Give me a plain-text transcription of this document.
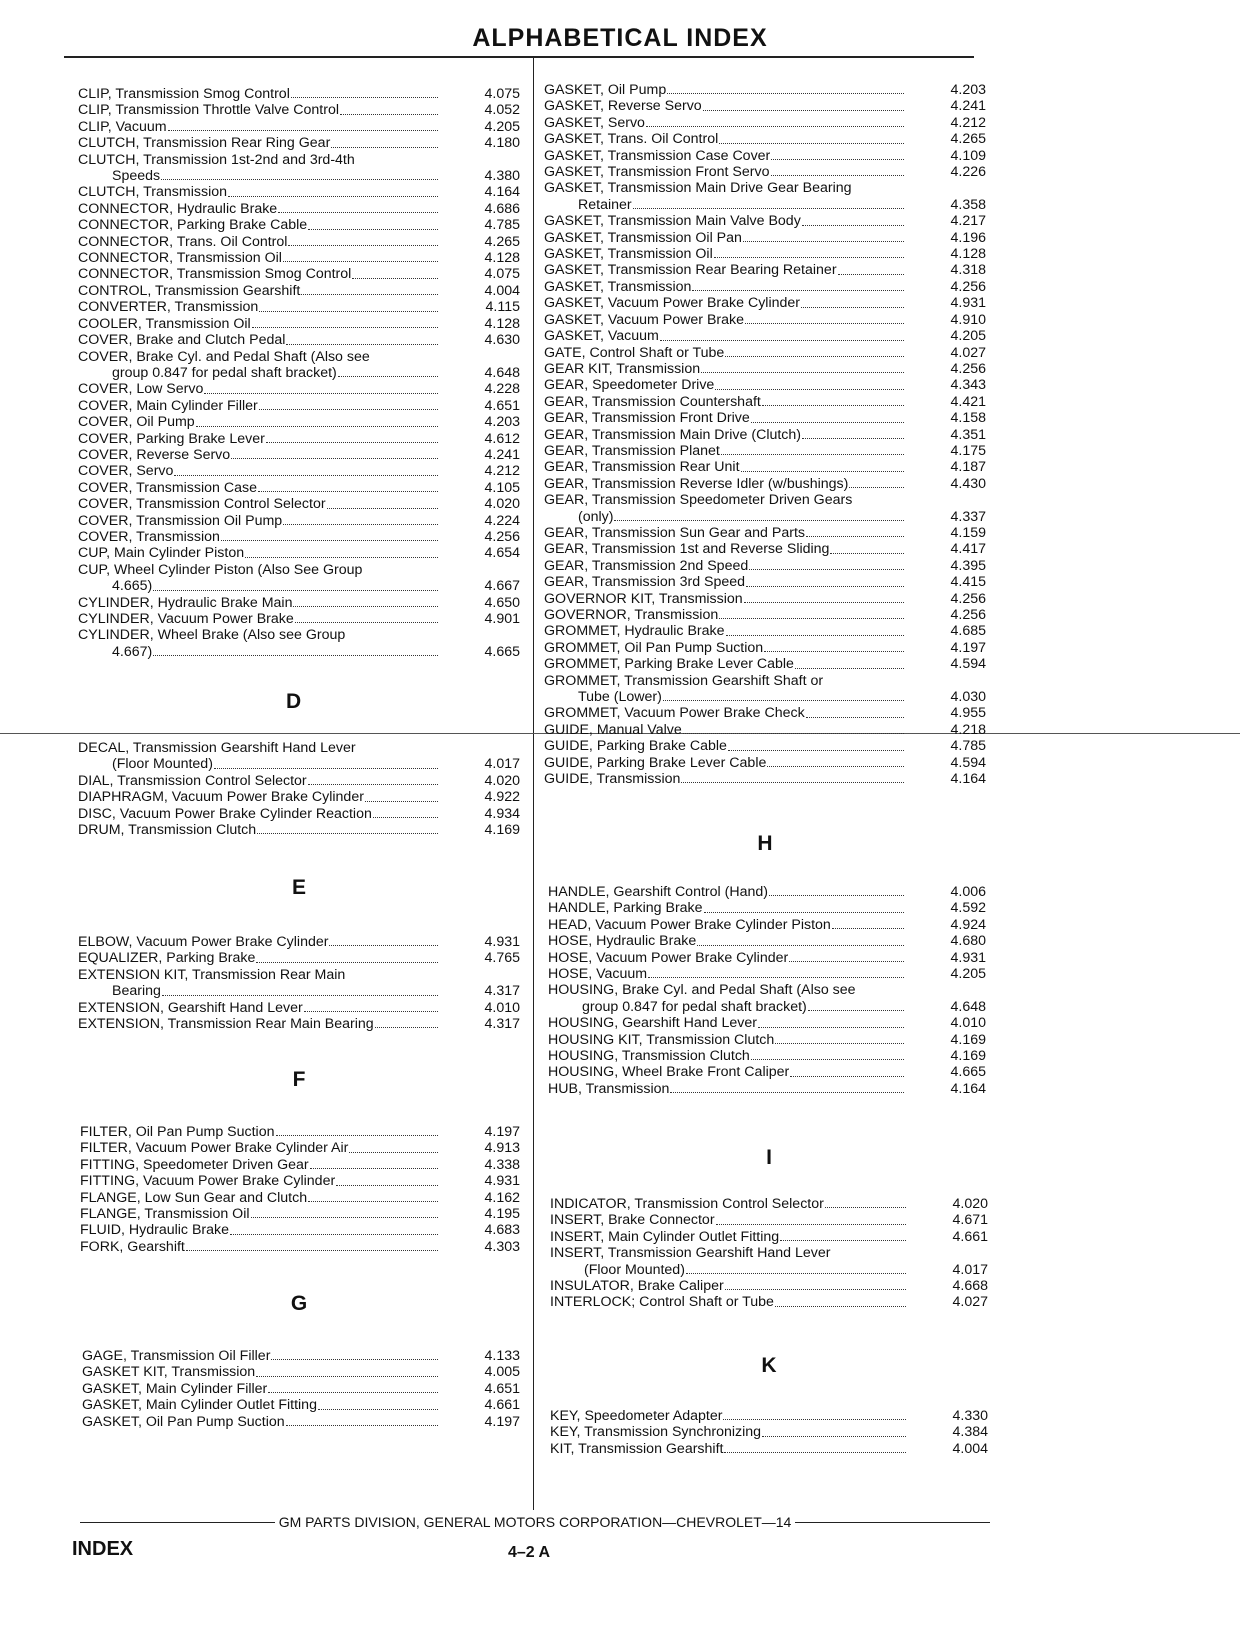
ALPHABETICAL INDEX
CLIP, Transmission Smog Control	4.075
CLIP, Transmission Throttle Valve Control	4.052
CLIP, Vacuum	4.205
CLUTCH, Transmission Rear Ring Gear	4.180
CLUTCH, Transmission 1st-2nd and 3rd-4th
Speeds	4.380
CLUTCH, Transmission	4.164
CONNECTOR, Hydraulic Brake	4.686
CONNECTOR, Parking Brake Cable	4.785
CONNECTOR, Trans. Oil Control	4.265
CONNECTOR, Transmission Oil	4.128
CONNECTOR, Transmission Smog Control	4.075
CONTROL, Transmission Gearshift	4.004
CONVERTER, Transmission	4.115
COOLER, Transmission Oil	4.128
COVER, Brake and Clutch Pedal	4.630
COVER, Brake Cyl. and Pedal Shaft (Also see
group 0.847 for pedal shaft bracket)	4.648
COVER, Low Servo	4.228
COVER, Main Cylinder Filler	4.651
COVER, Oil Pump	4.203
COVER, Parking Brake Lever	4.612
COVER, Reverse Servo	4.241
COVER, Servo	4.212
COVER, Transmission Case	4.105
COVER, Transmission Control Selector	4.020
COVER, Transmission Oil Pump	4.224
COVER, Transmission	4.256
CUP, Main Cylinder Piston	4.654
CUP, Wheel Cylinder Piston (Also See Group
4.665)	4.667
CYLINDER, Hydraulic Brake Main	4.650
CYLINDER, Vacuum Power Brake	4.901
CYLINDER, Wheel Brake (Also see Group
4.667)	4.665
D
DECAL, Transmission Gearshift Hand Lever
(Floor Mounted)	4.017
DIAL, Transmission Control Selector	4.020
DIAPHRAGM, Vacuum Power Brake Cylinder	4.922
DISC, Vacuum Power Brake Cylinder Reaction	4.934
DRUM, Transmission Clutch	4.169
E
ELBOW, Vacuum Power Brake Cylinder	4.931
EQUALIZER, Parking Brake	4.765
EXTENSION KIT, Transmission Rear Main
Bearing	4.317
EXTENSION, Gearshift Hand Lever	4.010
EXTENSION, Transmission Rear Main Bearing	4.317
F
FILTER, Oil Pan Pump Suction	4.197
FILTER, Vacuum Power Brake Cylinder Air	4.913
FITTING, Speedometer Driven Gear	4.338
FITTING, Vacuum Power Brake Cylinder	4.931
FLANGE, Low Sun Gear and Clutch	4.162
FLANGE, Transmission Oil	4.195
FLUID, Hydraulic Brake	4.683
FORK, Gearshift	4.303
G
GAGE, Transmission Oil Filler	4.133
GASKET KIT, Transmission	4.005
GASKET, Main Cylinder Filler	4.651
GASKET, Main Cylinder Outlet Fitting	4.661
GASKET, Oil Pan Pump Suction	4.197
GASKET, Oil Pump	4.203
GASKET, Reverse Servo	4.241
GASKET, Servo	4.212
GASKET, Trans. Oil Control	4.265
GASKET, Transmission Case Cover	4.109
GASKET, Transmission Front Servo	4.226
GASKET, Transmission Main Drive Gear Bearing
Retainer	4.358
GASKET, Transmission Main Valve Body	4.217
GASKET, Transmission Oil Pan	4.196
GASKET, Transmission Oil	4.128
GASKET, Transmission Rear Bearing Retainer	4.318
GASKET, Transmission	4.256
GASKET, Vacuum Power Brake Cylinder	4.931
GASKET, Vacuum Power Brake	4.910
GASKET, Vacuum	4.205
GATE, Control Shaft or Tube	4.027
GEAR KIT, Transmission	4.256
GEAR, Speedometer Drive	4.343
GEAR, Transmission Countershaft	4.421
GEAR, Transmission Front Drive	4.158
GEAR, Transmission Main Drive (Clutch)	4.351
GEAR, Transmission Planet	4.175
GEAR, Transmission Rear Unit	4.187
GEAR, Transmission Reverse Idler (w/bushings)	4.430
GEAR, Transmission Speedometer Driven Gears
(only)	4.337
GEAR, Transmission Sun Gear and Parts	4.159
GEAR, Transmission 1st and Reverse Sliding	4.417
GEAR, Transmission 2nd Speed	4.395
GEAR, Transmission 3rd Speed	4.415
GOVERNOR KIT, Transmission	4.256
GOVERNOR, Transmission	4.256
GROMMET, Hydraulic Brake	4.685
GROMMET, Oil Pan Pump Suction	4.197
GROMMET, Parking Brake Lever Cable	4.594
GROMMET, Transmission Gearshift Shaft or
Tube (Lower)	4.030
GROMMET, Vacuum Power Brake Check	4.955
GUIDE, Manual Valve	4.218
GUIDE, Parking Brake Cable	4.785
GUIDE, Parking Brake Lever Cable	4.594
GUIDE, Transmission	4.164
H
HANDLE, Gearshift Control (Hand)	4.006
HANDLE, Parking Brake	4.592
HEAD, Vacuum Power Brake Cylinder Piston	4.924
HOSE, Hydraulic Brake	4.680
HOSE, Vacuum Power Brake Cylinder	4.931
HOSE, Vacuum	4.205
HOUSING, Brake Cyl. and Pedal Shaft (Also see
group 0.847 for pedal shaft bracket)	4.648
HOUSING, Gearshift Hand Lever	4.010
HOUSING KIT, Transmission Clutch	4.169
HOUSING, Transmission Clutch	4.169
HOUSING, Wheel Brake Front Caliper	4.665
HUB, Transmission	4.164
I
INDICATOR, Transmission Control Selector	4.020
INSERT, Brake Connector	4.671
INSERT, Main Cylinder Outlet Fitting	4.661
INSERT, Transmission Gearshift Hand Lever
(Floor Mounted)	4.017
INSULATOR, Brake Caliper	4.668
INTERLOCK; Control Shaft or Tube	4.027
K
KEY, Speedometer Adapter	4.330
KEY, Transmission Synchronizing	4.384
KIT, Transmission Gearshift	4.004
GM PARTS DIVISION, GENERAL MOTORS CORPORATION—CHEVROLET—14
INDEX	4–2 A
